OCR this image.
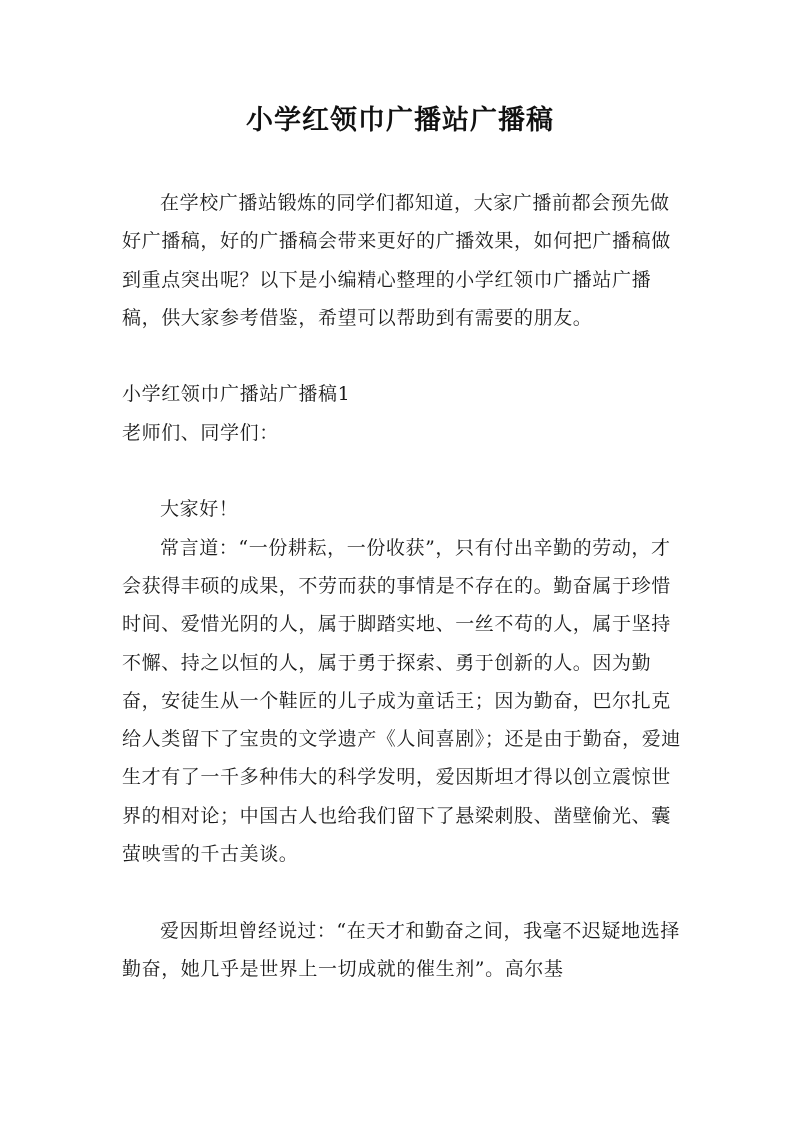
小学红领巾广播站广播稿

在学校广播站锻炼的同学们都知道，大家广播前都会预先做好广播稿，好的广播稿会带来更好的广播效果，如何把广播稿做到重点突出呢？以下是小编精心整理的小学红领巾广播站广播稿，供大家参考借鉴，希望可以帮助到有需要的朋友。

小学红领巾广播站广播稿1

老师们、同学们：

大家好！

常言道：“一份耕耘，一份收获”，只有付出辛勤的劳动，才会获得丰硕的成果，不劳而获的事情是不存在的。勤奋属于珍惜时间、爱惜光阴的人，属于脚踏实地、一丝不苟的人，属于坚持不懈、持之以恒的人，属于勇于探索、勇于创新的人。因为勤奋，安徒生从一个鞋匠的儿子成为童话王；因为勤奋，巴尔扎克给人类留下了宝贵的文学遗产《人间喜剧》；还是由于勤奋，爱迪生才有了一千多种伟大的科学发明，爱因斯坦才得以创立震惊世界的相对论；中国古人也给我们留下了悬梁刺股、凿壁偷光、囊萤映雪的千古美谈。

爱因斯坦曾经说过：“在天才和勤奋之间，我毫不迟疑地选择勤奋，她几乎是世界上一切成就的催生剂”。高尔基
